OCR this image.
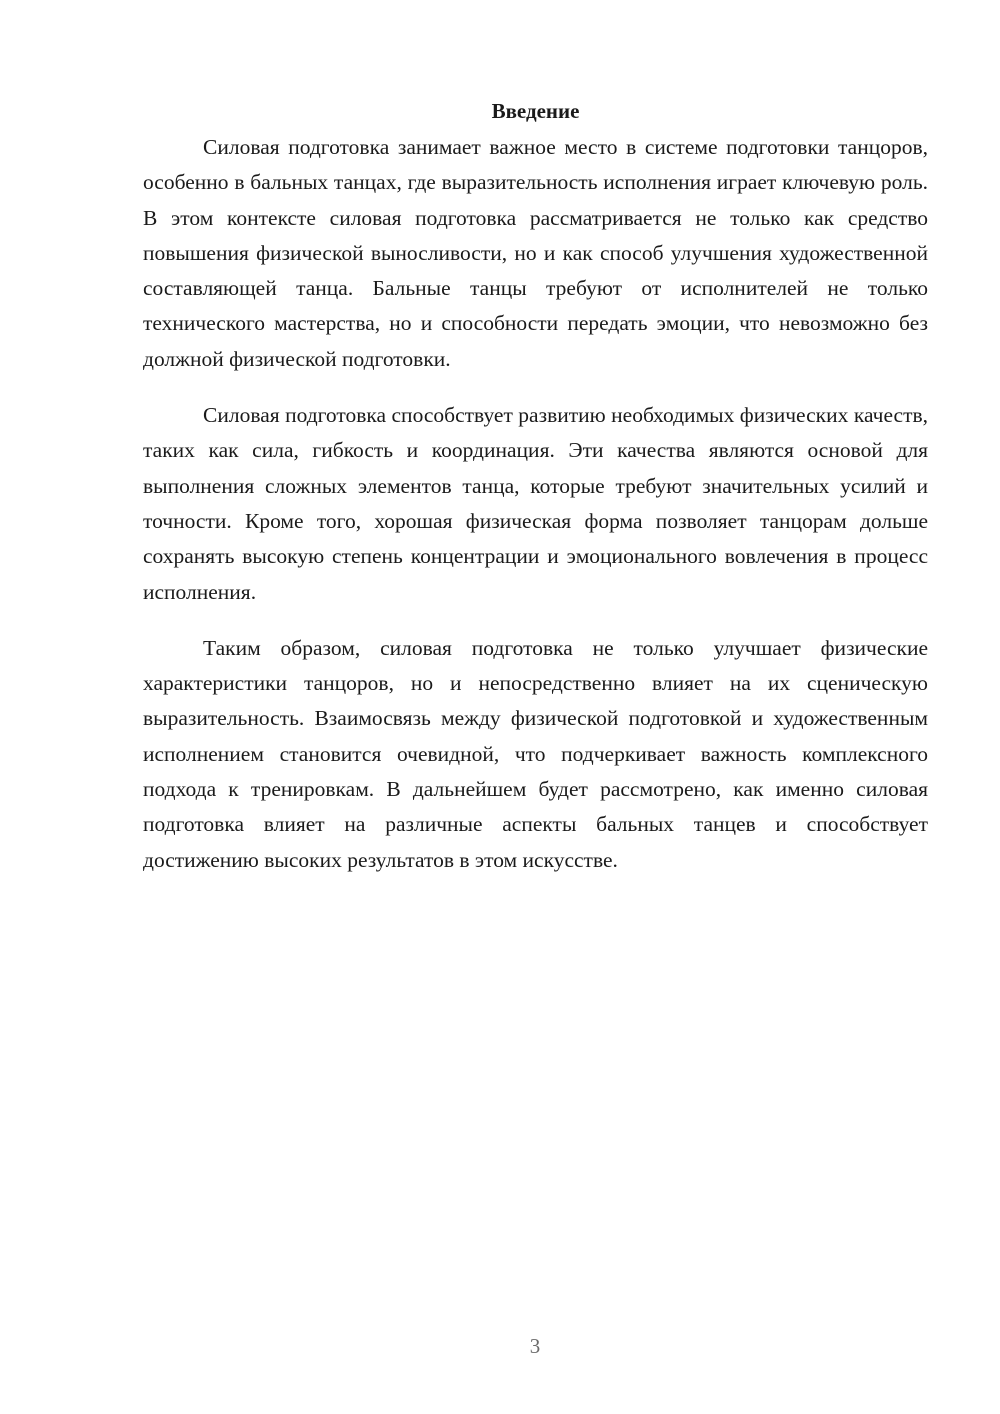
Введение

Силовая подготовка занимает важное место в системе подготовки танцоров, особенно в бальных танцах, где выразительность исполнения играет ключевую роль. В этом контексте силовая подготовка рассматривается не только как средство повышения физической выносливости, но и как способ улучшения художественной составляющей танца. Бальные танцы требуют от исполнителей не только технического мастерства, но и способности передать эмоции, что невозможно без должной физической подготовки.

Силовая подготовка способствует развитию необходимых физических качеств, таких как сила, гибкость и координация. Эти качества являются основой для выполнения сложных элементов танца, которые требуют значительных усилий и точности. Кроме того, хорошая физическая форма позволяет танцорам дольше сохранять высокую степень концентрации и эмоционального вовлечения в процесс исполнения.

Таким образом, силовая подготовка не только улучшает физические характеристики танцоров, но и непосредственно влияет на их сценическую выразительность. Взаимосвязь между физической подготовкой и художественным исполнением становится очевидной, что подчеркивает важность комплексного подхода к тренировкам. В дальнейшем будет рассмотрено, как именно силовая подготовка влияет на различные аспекты бальных танцев и способствует достижению высоких результатов в этом искусстве.

3
